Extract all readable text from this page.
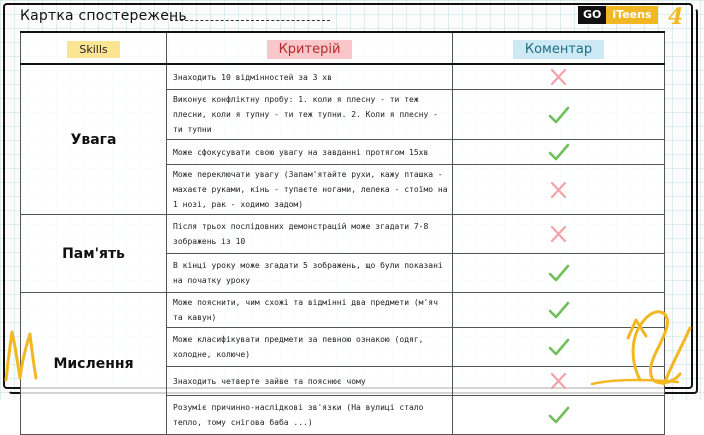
Картка спостережень	GO	iTeens 4
Skills	Критерій	Коментар
Увага	Знаходить 10 відмінностей за 3 хв	
	Виконує конфліктну пробу: 1. коли я плесну - ти теж плесни, коли я тупну - ти теж тупни. 2. Коли я плесну - ти тупни	
	Може сфокусувати свою увагу на завданні протягом 15хв	
	Може переключати увагу (Запам'ятайте рухи, кажу пташка - махаєте руками, кінь - тупаєте ногами, лелека - стоїмо на 1 нозі, рак - ходимо задом)	
Пам'ять	Після трьох послідовних демонстрацій може згадати 7-8 зображень із 10	
	В кінці уроку може згадати 5 зображень, що були показані на початку уроку	
Мислення	Може пояснити, чим схожі та відмінні два предмети (м'яч та кавун)	
	Може класифікувати предмети за певною ознакою (одяг, холодне, колюче)	
	Знаходить четверте зайве та пояснює чому	
	Розуміє причинно-наслідкові зв'язки (На вулиці стало тепло, тому снігова баба ...)	
